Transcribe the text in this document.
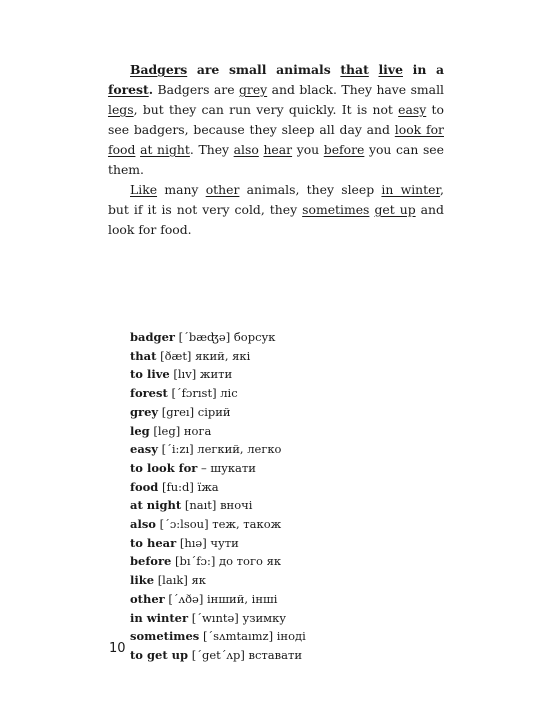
Badgers are small animals that live in a forest. Badgers are grey and black. They have small legs, but they can run very quickly. It is not easy to see badgers, because they sleep all day and look for food at night. They also hear you before you can see them.

Like many other animals, they sleep in winter, but if it is not very cold, they sometimes get up and look for food.

badger [ˊbæʤə] борсук
that [ðæt] який, які
to live [lıv] жити
forest [ˊfɔrıst] ліс
grey [greı] сірий
leg [leg] нога
easy [ˊi:zı] легкий, легко
to look for – шукати
food [fu:d] їжа
at night [naıt] вночі
also [ˊɔ:lsou] теж, також
to hear [hıə] чути
before [bıˊfɔ:] до того як
like [laık] як
other [ˊʌðə] інший, інші
in winter [ˊwıntə] узимку
sometimes [ˊsʌmtaımz] іноді
to get up [ˊgetˊʌp] вставати
10
